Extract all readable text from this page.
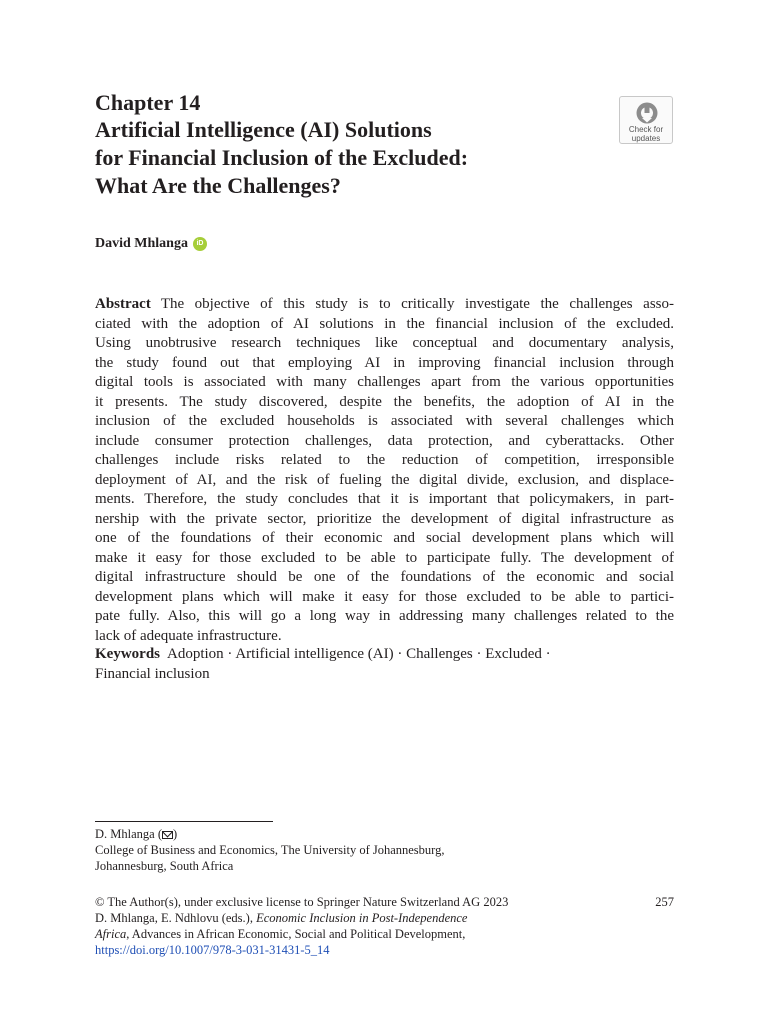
Chapter 14
Artificial Intelligence (AI) Solutions
for Financial Inclusion of the Excluded:
What Are the Challenges?
Check for
updates
David Mhlanga	iD
Abstract The objective of this study is to critically investigate the challenges asso-
ciated with the adoption of AI solutions in the financial inclusion of the excluded.
Using unobtrusive research techniques like conceptual and documentary analysis,
the study found out that employing AI in improving financial inclusion through
digital tools is associated with many challenges apart from the various opportunities
it presents. The study discovered, despite the benefits, the adoption of AI in the
inclusion of the excluded households is associated with several challenges which
include consumer protection challenges, data protection, and cyberattacks. Other
challenges include risks related to the reduction of competition, irresponsible
deployment of AI, and the risk of fueling the digital divide, exclusion, and displace-
ments. Therefore, the study concludes that it is important that policymakers, in part-
nership with the private sector, prioritize the development of digital infrastructure as
one of the foundations of their economic and social development plans which will
make it easy for those excluded to be able to participate fully. The development of
digital infrastructure should be one of the foundations of the economic and social
development plans which will make it easy for those excluded to be able to partici-
pate fully. Also, this will go a long way in addressing many challenges related to the
lack of adequate infrastructure.
Keywords Adoption · Artificial intelligence (AI) · Challenges · Excluded ·
Financial inclusion
D. Mhlanga ( )
College of Business and Economics, The University of Johannesburg,
Johannesburg, South Africa
© The Author(s), under exclusive license to Springer Nature Switzerland AG 2023	257
D. Mhlanga, E. Ndhlovu (eds.), Economic Inclusion in Post-Independence
Africa, Advances in African Economic, Social and Political Development,
https://doi.org/10.1007/978-3-031-31431-5_14
